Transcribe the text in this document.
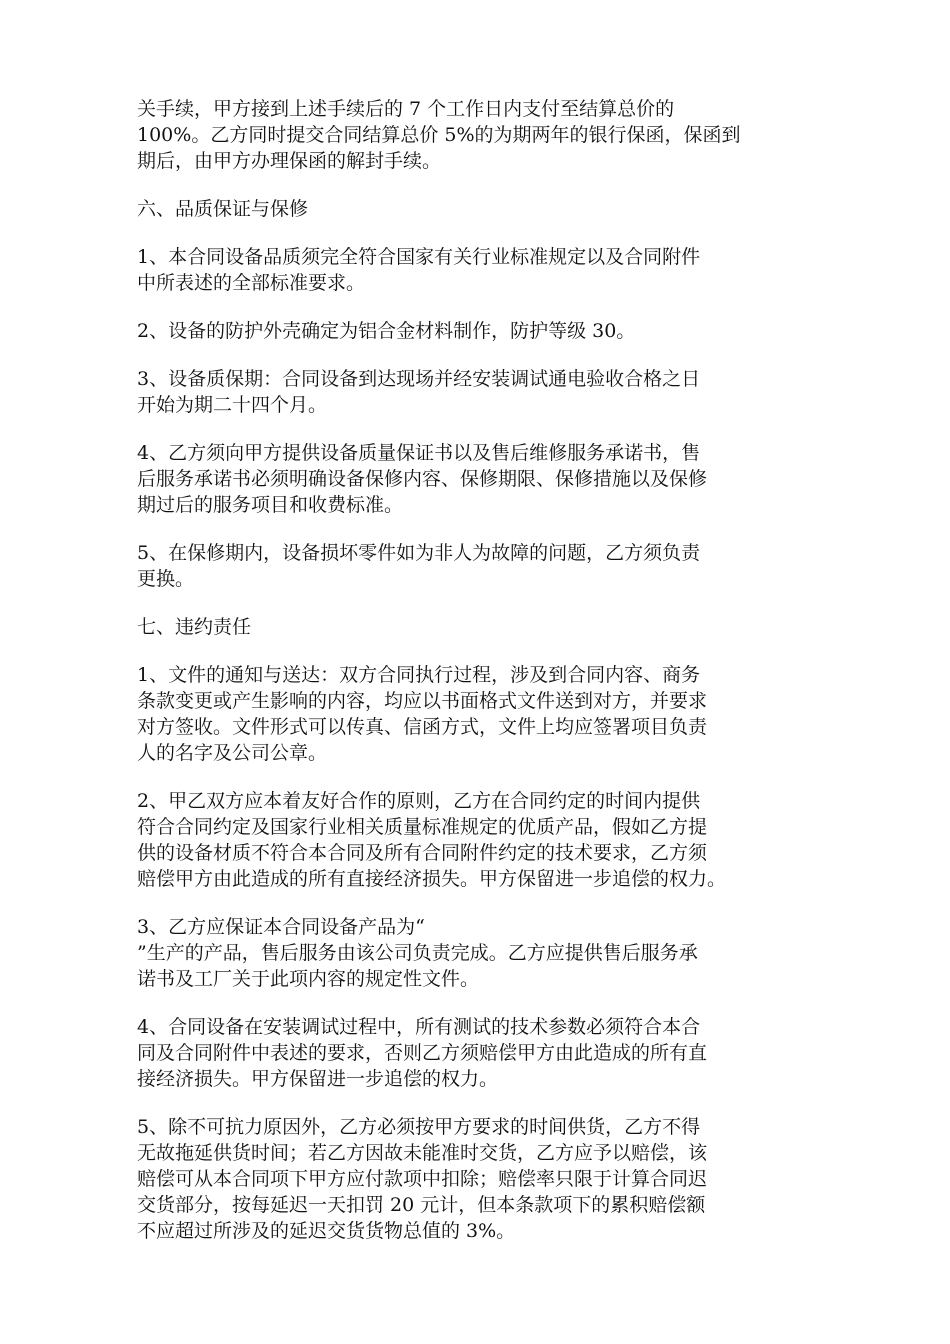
关手续，甲方接到上述手续后的 7 个工作日内支付至结算总价的
100%。乙方同时提交合同结算总价 5%的为期两年的银行保函，保函到
期后，由甲方办理保函的解封手续。

六、品质保证与保修

1、本合同设备品质须完全符合国家有关行业标准规定以及合同附件
中所表述的全部标准要求。

2、设备的防护外壳确定为铝合金材料制作，防护等级 30。

3、设备质保期：合同设备到达现场并经安装调试通电验收合格之日
开始为期二十四个月。

4、乙方须向甲方提供设备质量保证书以及售后维修服务承诺书，售
后服务承诺书必须明确设备保修内容、保修期限、保修措施以及保修
期过后的服务项目和收费标准。

5、在保修期内，设备损坏零件如为非人为故障的问题，乙方须负责
更换。

七、违约责任

1、文件的通知与送达：双方合同执行过程，涉及到合同内容、商务
条款变更或产生影响的内容，均应以书面格式文件送到对方，并要求
对方签收。文件形式可以传真、信函方式，文件上均应签署项目负责
人的名字及公司公章。

2、甲乙双方应本着友好合作的原则，乙方在合同约定的时间内提供
符合合同约定及国家行业相关质量标准规定的优质产品，假如乙方提
供的设备材质不符合本合同及所有合同附件约定的技术要求，乙方须
赔偿甲方由此造成的所有直接经济损失。甲方保留进一步追偿的权力。

3、乙方应保证本合同设备产品为“
”生产的产品，售后服务由该公司负责完成。乙方应提供售后服务承
诺书及工厂关于此项内容的规定性文件。

4、合同设备在安装调试过程中，所有测试的技术参数必须符合本合
同及合同附件中表述的要求，否则乙方须赔偿甲方由此造成的所有直
接经济损失。甲方保留进一步追偿的权力。

5、除不可抗力原因外，乙方必须按甲方要求的时间供货，乙方不得
无故拖延供货时间；若乙方因故未能准时交货，乙方应予以赔偿，该
赔偿可从本合同项下甲方应付款项中扣除；赔偿率只限于计算合同迟
交货部分，按每延迟一天扣罚 20 元计，但本条款项下的累积赔偿额
不应超过所涉及的延迟交货货物总值的 3%。
